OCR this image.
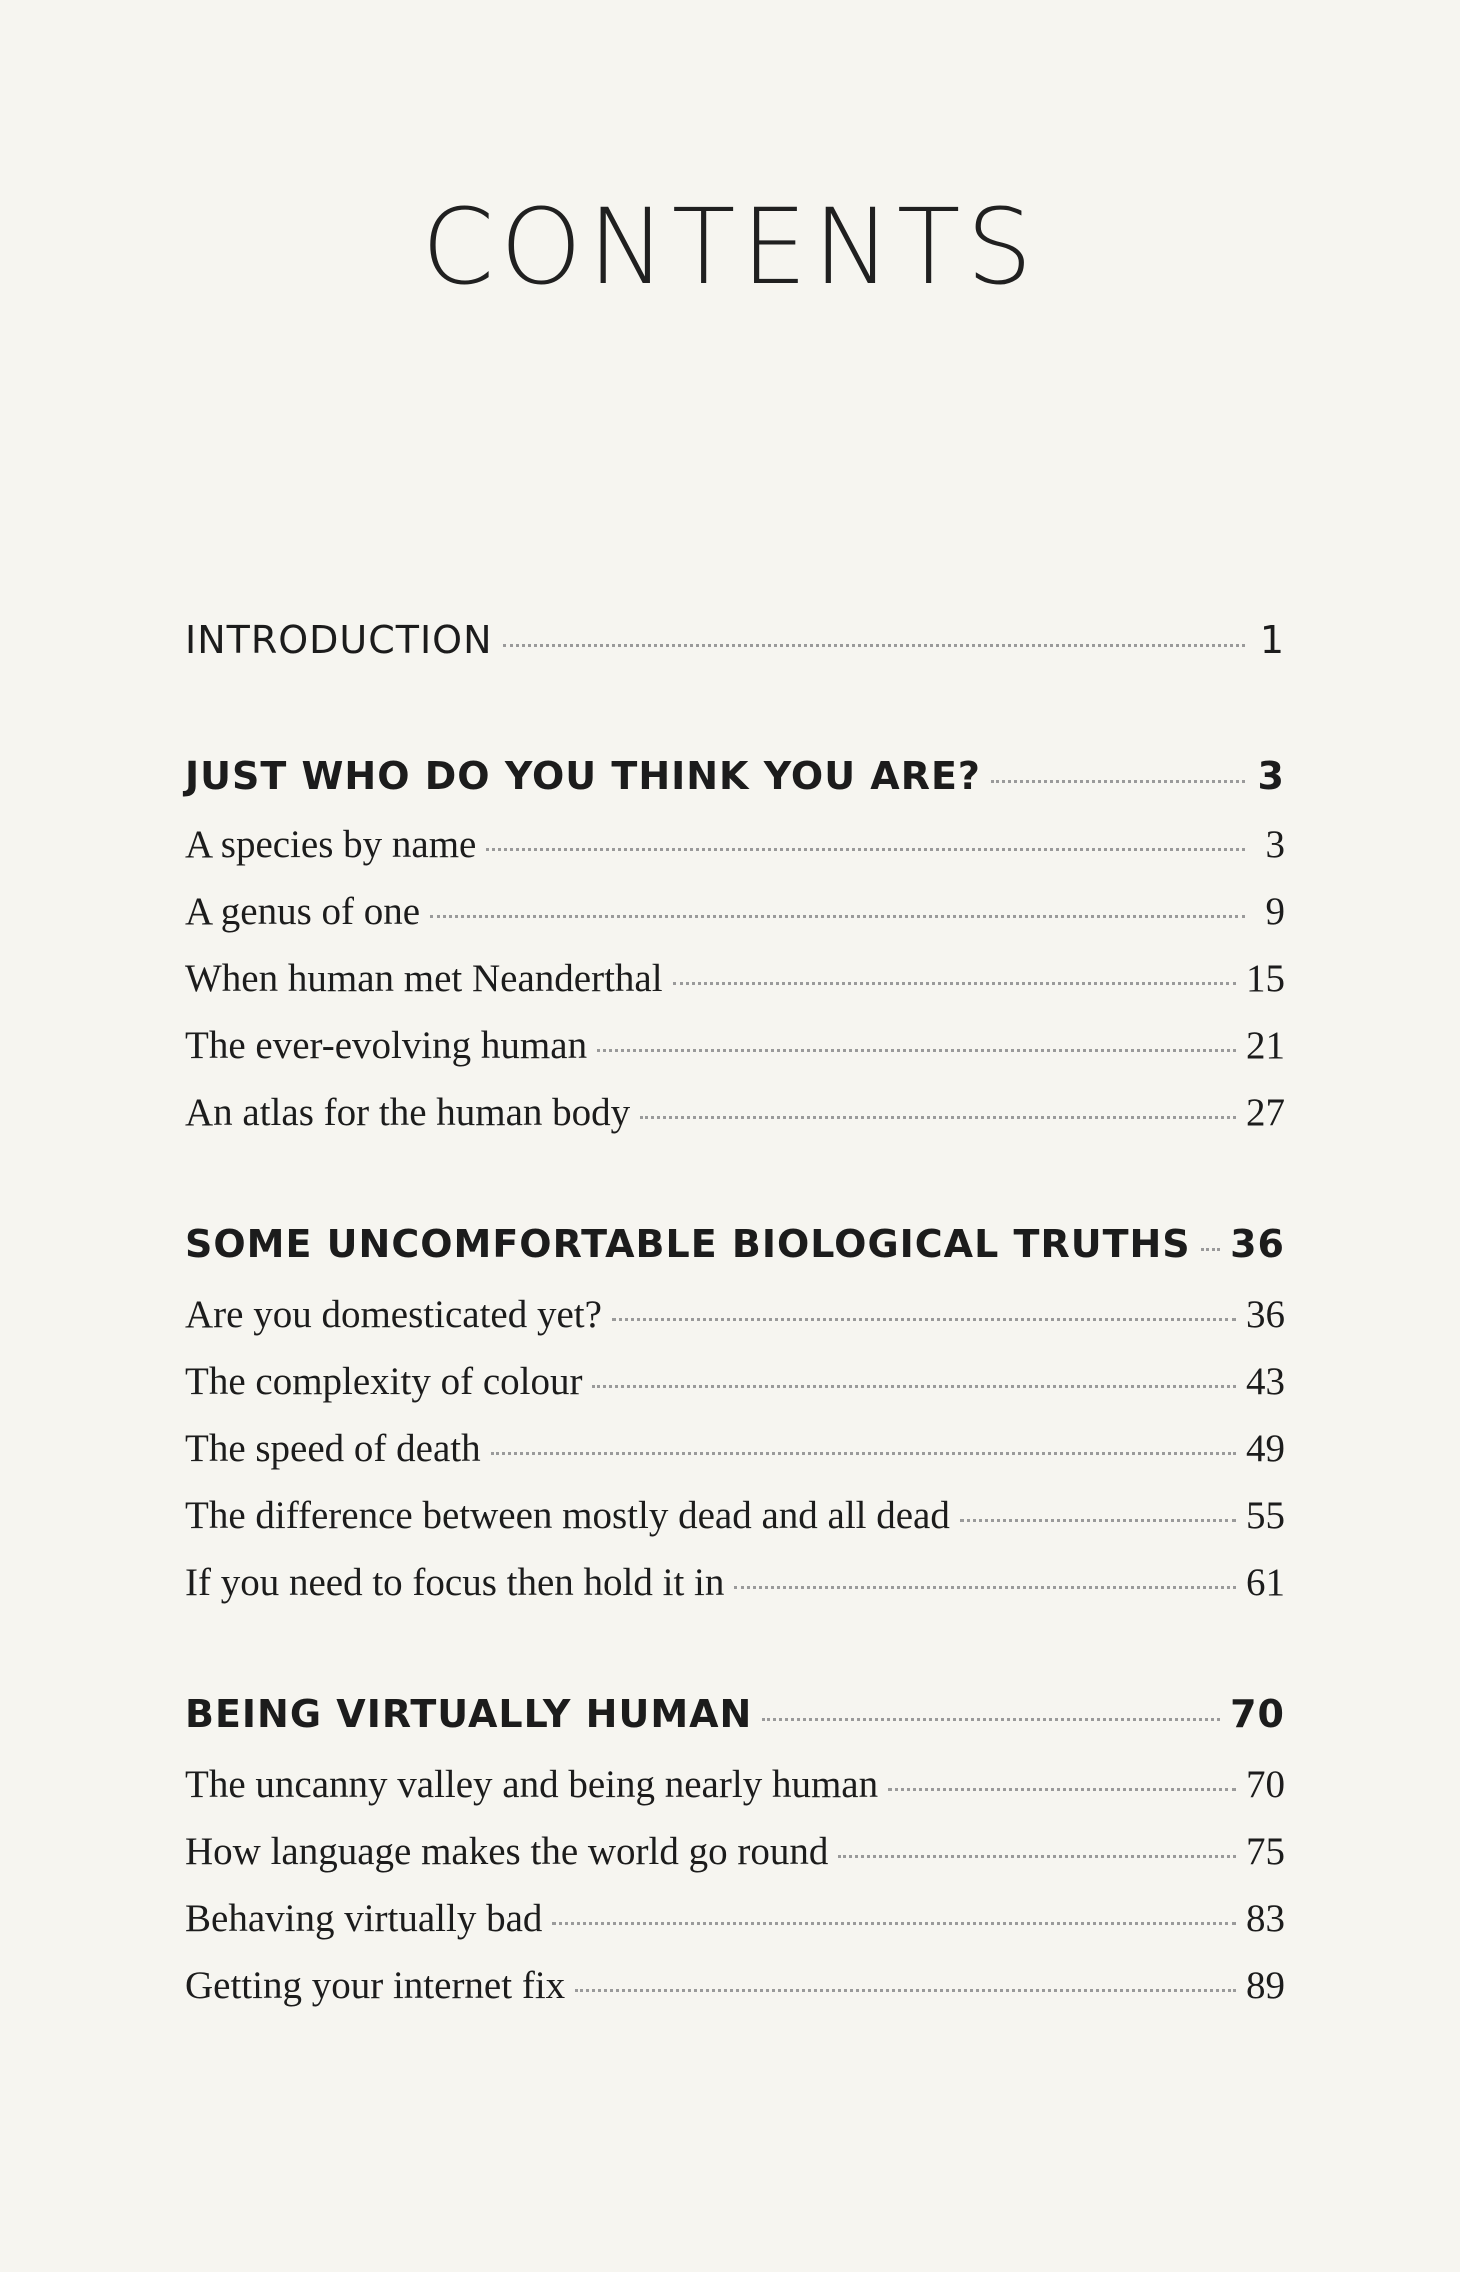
CONTENTS
INTRODUCTION	1
JUST WHO DO YOU THINK YOU ARE?	3
A species by name	3
A genus of one	9
When human met Neanderthal	15
The ever-evolving human	21
An atlas for the human body	27
SOME UNCOMFORTABLE BIOLOGICAL TRUTHS 36
Are you domesticated yet?	36
The complexity of colour	43
The speed of death	49
The difference between mostly dead and all dead	55
If you need to focus then hold it in	61
BEING VIRTUALLY HUMAN	70
The uncanny valley and being nearly human	70
How language makes the world go round	75
Behaving virtually bad	83
Getting your internet fix	89
